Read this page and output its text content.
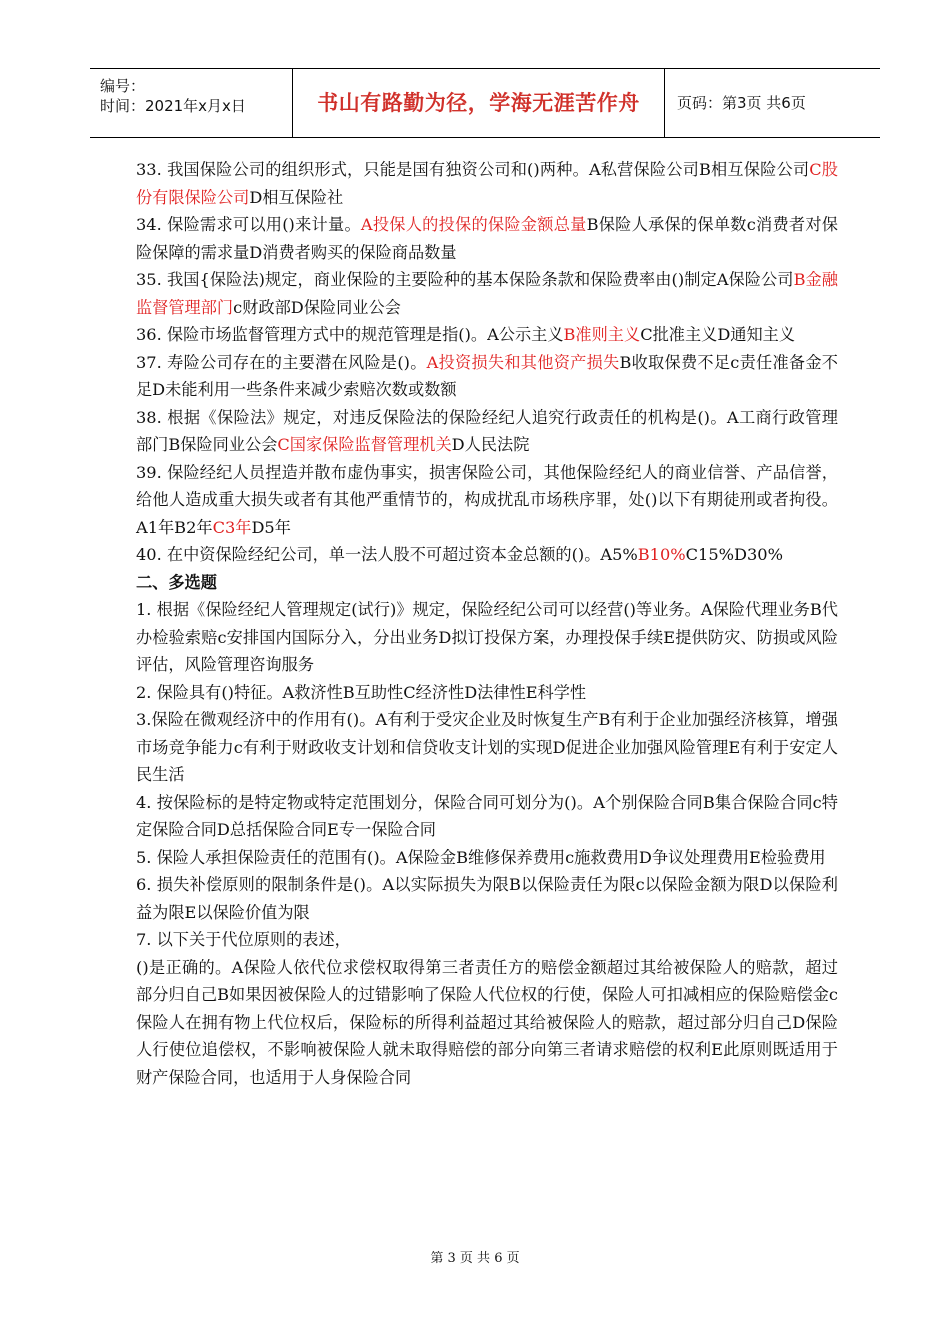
编号：
时间：2021年x月x日	书山有路勤为径，学海无涯苦作舟	页码：第3页 共6页

33. 我国保险公司的组织形式，只能是国有独资公司和()两种。A私营保险公司B相互保险公司C股份有限保险公司D相互保险社

34. 保险需求可以用()来计量。A投保人的投保的保险金额总量B保险人承保的保单数c消费者对保险保障的需求量D消费者购买的保险商品数量

35. 我国{保险法)规定，商业保险的主要险种的基本保险条款和保险费率由()制定A保险公司B金融监督管理部门c财政部D保险同业公会

36. 保险市场监督管理方式中的规范管理是指()。A公示主义B准则主义C批准主义D通知主义

37. 寿险公司存在的主要潜在风险是()。A投资损失和其他资产损失B收取保费不足c责任准备金不足D未能利用一些条件来减少索赔次数或数额

38. 根据《保险法》规定，对违反保险法的保险经纪人追究行政责任的机构是()。A工商行政管理部门B保险同业公会C国家保险监督管理机关D人民法院

39. 保险经纪人员捏造并散布虚伪事实，损害保险公司，其他保险经纪人的商业信誉、产品信誉，给他人造成重大损失或者有其他严重情节的，构成扰乱市场秩序罪，处()以下有期徒刑或者拘役。A1年B2年C3年D5年

40. 在中资保险经纪公司，单一法人股不可超过资本金总额的()。A5%B10%C15%D30%

二、多选题

1. 根据《保险经纪人管理规定(试行)》规定，保险经纪公司可以经营()等业务。A保险代理业务B代办检验索赔c安排国内国际分入，分出业务D拟订投保方案，办理投保手续E提供防灾、防损或风险评估，风险管理咨询服务

2. 保险具有()特征。A救济性B互助性C经济性D法律性E科学性

3.保险在微观经济中的作用有()。A有利于受灾企业及时恢复生产B有利于企业加强经济核算，增强市场竞争能力c有利于财政收支计划和信贷收支计划的实现D促进企业加强风险管理E有利于安定人民生活

4. 按保险标的是特定物或特定范围划分，保险合同可划分为()。A个别保险合同B集合保险合同c特定保险合同D总括保险合同E专一保险合同

5. 保险人承担保险责任的范围有()。A保险金B维修保养费用c施救费用D争议处理费用E检验费用

6. 损失补偿原则的限制条件是()。A以实际损失为限B以保险责任为限c以保险金额为限D以保险利益为限E以保险价值为限

7. 以下关于代位原则的表述，

()是正确的。A保险人依代位求偿权取得第三者责任方的赔偿金额超过其给被保险人的赔款，超过部分归自己B如果因被保险人的过错影响了保险人代位权的行使，保险人可扣减相应的保险赔偿金c保险人在拥有物上代位权后，保险标的所得利益超过其给被保险人的赔款，超过部分归自己D保险人行使位追偿权，不影响被保险人就未取得赔偿的部分向第三者请求赔偿的权利E此原则既适用于财产保险合同，也适用于人身保险合同

第 3 页 共 6 页
